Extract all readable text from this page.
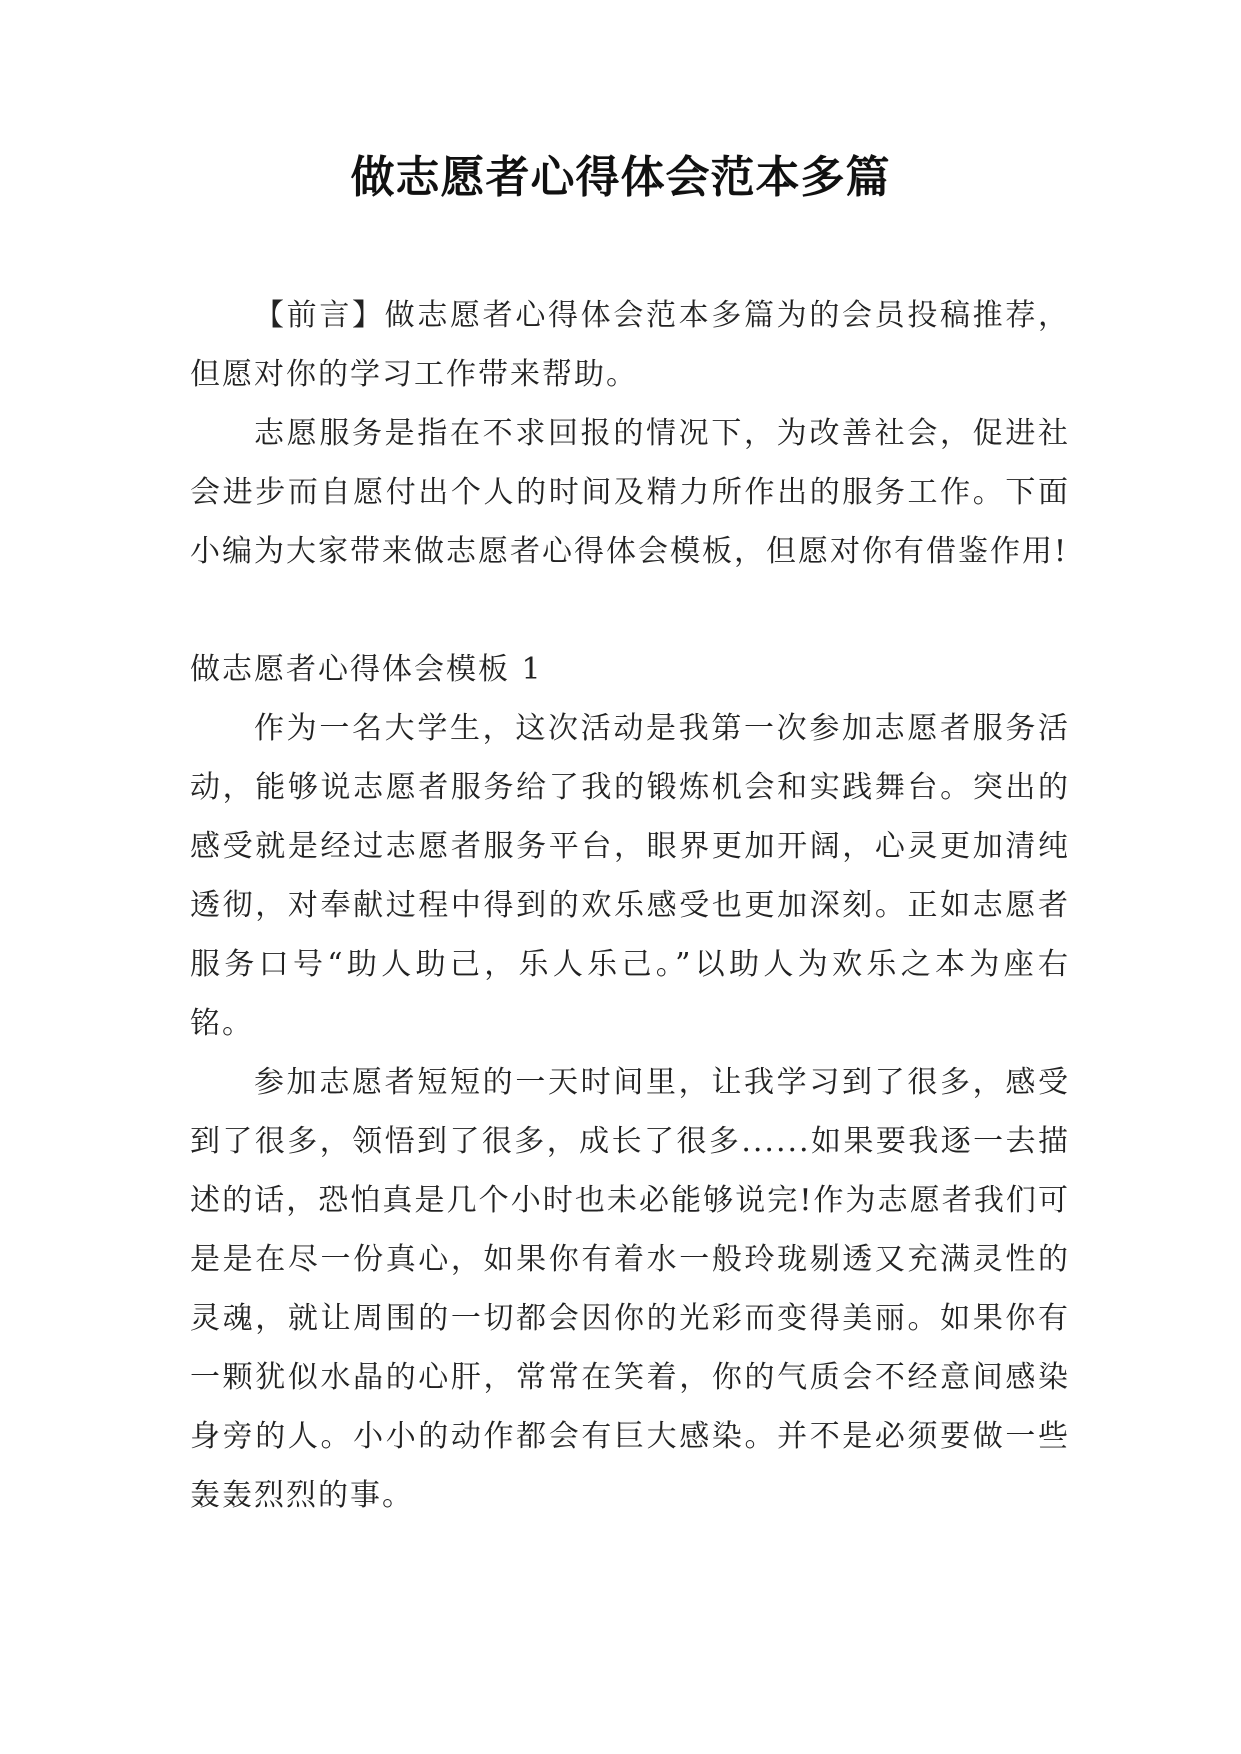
做志愿者心得体会范本多篇

【前言】做志愿者心得体会范本多篇为的会员投稿推荐，但愿对你的学习工作带来帮助。

志愿服务是指在不求回报的情况下，为改善社会，促进社会进步而自愿付出个人的时间及精力所作出的服务工作。下面小编为大家带来做志愿者心得体会模板，但愿对你有借鉴作用!

做志愿者心得体会模板 1

作为一名大学生，这次活动是我第一次参加志愿者服务活动，能够说志愿者服务给了我的锻炼机会和实践舞台。突出的感受就是经过志愿者服务平台，眼界更加开阔，心灵更加清纯透彻，对奉献过程中得到的欢乐感受也更加深刻。正如志愿者服务口号“助人助己，乐人乐己。”以助人为欢乐之本为座右铭。

参加志愿者短短的一天时间里，让我学习到了很多，感受到了很多，领悟到了很多，成长了很多......如果要我逐一去描述的话，恐怕真是几个小时也未必能够说完!作为志愿者我们可是是在尽一份真心，如果你有着水一般玲珑剔透又充满灵性的灵魂，就让周围的一切都会因你的光彩而变得美丽。如果你有一颗犹似水晶的心肝，常常在笑着，你的气质会不经意间感染身旁的人。小小的动作都会有巨大感染。并不是必须要做一些轰轰烈烈的事。
